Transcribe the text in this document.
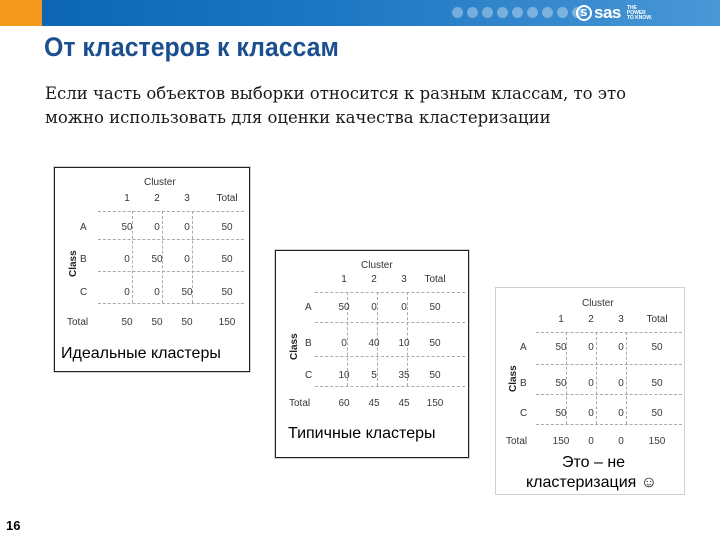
S sas THE
POWER
TO KNOW.
От кластеров к классам
Если часть объектов выборки относится к разным классам, то это
можно использовать для оценки качества кластеризации
Cluster
Class
1	2	3	Total
A	50	0	0	50
B	0	50	0	50
C	0	0	50	50
Total	50	50	50	150
Идеальные кластеры
Cluster
Class
1	2	3	Total
A	50	0	0	50
B	0	40	10	50
C	10	5	35	50
Total	60	45	45	150
Типичные кластеры
Cluster
Class
1	2	3	Total
A	50	0	0	50
B	50	0	0	50
C	50	0	0	50
Total	150	0	0	150
Это – не
кластеризация ☺
16
